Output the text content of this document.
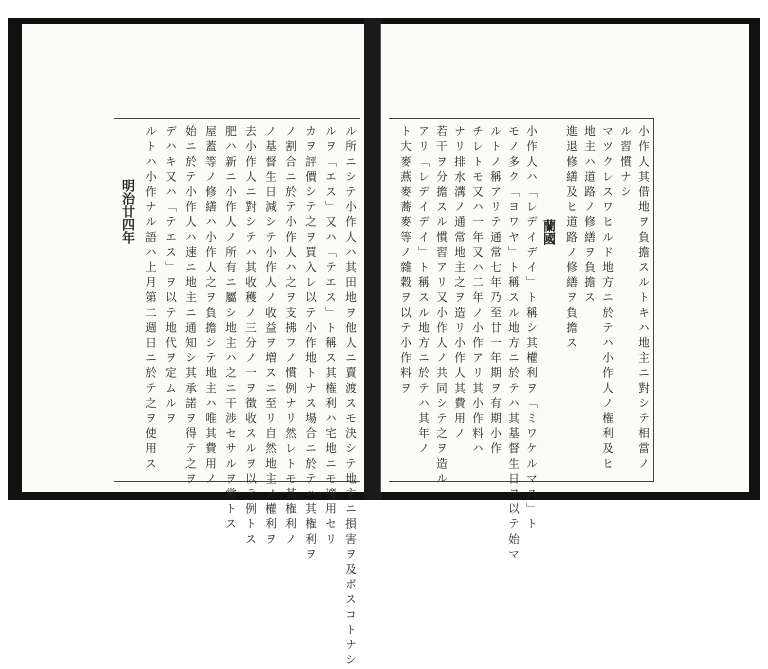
ル所ニシテ小作人ハ其田地ヲ他人ニ賣渡スモ決シテ地主ニ損害ヲ及ボスコトナシ
ルヲ「エス」又ハ「テエス」ト稱ス其権利ハ宅地ニモ適用セリ
カヲ評價シテ之ヲ買入レ以テ小作地トナス場合ニ於テハ其権利ヲ
ノ割合ニ於テ小作人ハ之ヲ支拂フノ慣例ナリ然レトモ其権利ノ
ノ基督生日減シテ小作人ノ收益ヲ増スニ至リ自然地主ノ權利ヲ
去小作人ニ對シテハ其收穫ノ三分ノ一ヲ徴收スルヲ以テ例トス
肥ハ新ニ小作人ノ所有ニ屬シ地主ハ之ニ干渉セサルヲ常トス
屋蓋等ノ修繕ハ小作人之ヲ負擔シテ地主ハ唯其費用ノ
始ニ於テ小作人ハ速ニ地主ニ通知シ其承諾ヲ得テ之ヲ
デハキ又ハ「テエス」ヲ以テ地代ヲ定ムルヲ
ルトハ小作ナル語ハ上月第二週日ニ於テ之ヲ使用ス
明治廿四年	小作人其借地ヲ負擔スルトキハ地主ニ對シテ相當ノ
ル習慣ナシ
マツクレスワヒルド地方ニ於テハ小作人ノ権利及ヒ
地主ハ道路ノ修繕ヲ負擔ス
進退修繕及ヒ道路ノ修繕ヲ負擔ス
蘭國
小作人ハ「レデイデイ」ト稱シ其權利ヲ「ミワケルマス」ト
モノ多ク「ヨワヤ」ト稱スル地方ニ於テハ其基督生日ヲ以テ始マ
ルトノ稱アリテ通常七年乃至廿一年期ヲ有期小作
チレトモ又ハ一年又ハ二年ノ小作アリ其小作料ハ
ナリ排水溝ノ通常地主之ヲ造リ小作人其費用ノ
若干ヲ分擔スル慣習アリ又小作人ノ共同シテ之ヲ造ル
アリ「レデイデイ」ト稱スル地方ニ於テハ其年ノ
ト大麥燕麥蕎麥等ノ雜穀ヲ以テ小作料ヲ
